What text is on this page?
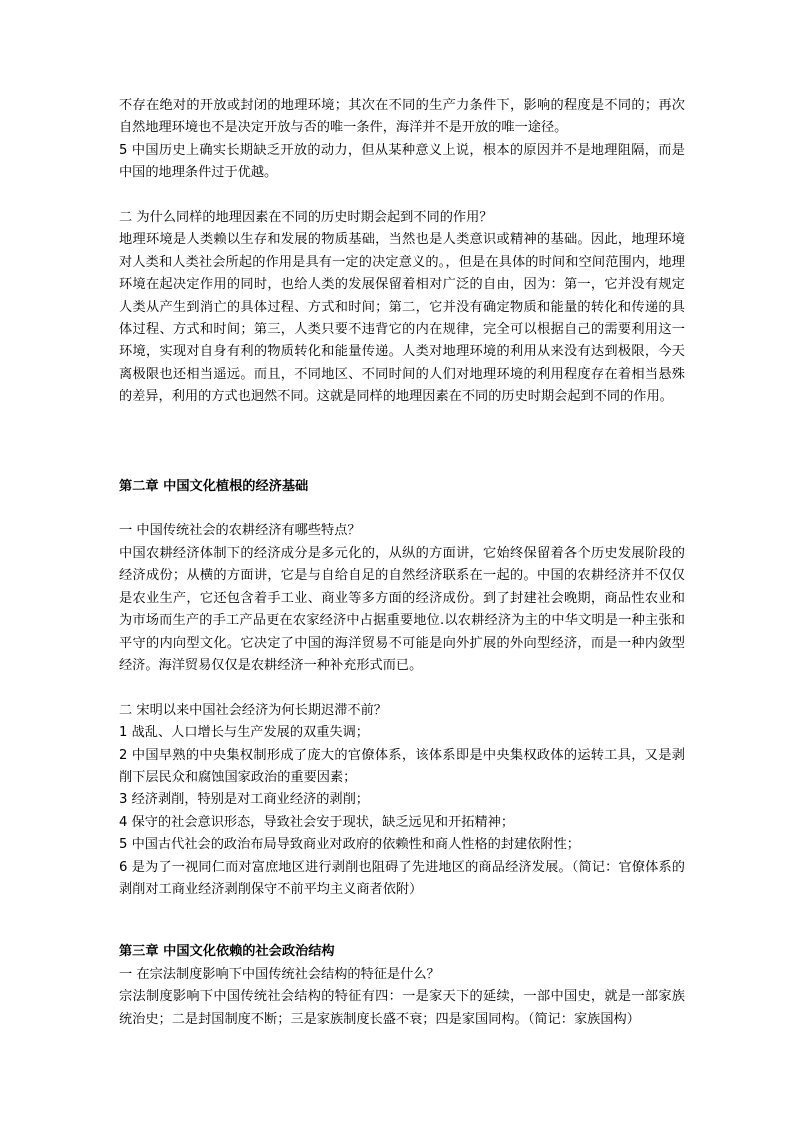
不存在绝对的开放或封闭的地理环境；其次在不同的生产力条件下，影响的程度是不同的；再次自然地理环境也不是决定开放与否的唯一条件，海洋并不是开放的唯一途径。

5 中国历史上确实长期缺乏开放的动力，但从某种意义上说，根本的原因并不是地理阻隔，而是中国的地理条件过于优越。

二 为什么同样的地理因素在不同的历史时期会起到不同的作用？

地理环境是人类赖以生存和发展的物质基础，当然也是人类意识或精神的基础。因此，地理环境对人类和人类社会所起的作用是具有一定的决定意义的。，但是在具体的时间和空间范围内，地理环境在起决定作用的同时，也给人类的发展保留着相对广泛的自由，因为：第一，它并没有规定人类从产生到消亡的具体过程、方式和时间；第二，它并没有确定物质和能量的转化和传递的具体过程、方式和时间；第三，人类只要不违背它的内在规律，完全可以根据自己的需要利用这一环境，实现对自身有利的物质转化和能量传递。人类对地理环境的利用从来没有达到极限，今天离极限也还相当遥远。而且，不同地区、不同时间的人们对地理环境的利用程度存在着相当悬殊的差异，利用的方式也迥然不同。这就是同样的地理因素在不同的历史时期会起到不同的作用。

第二章 中国文化植根的经济基础

一 中国传统社会的农耕经济有哪些特点？

中国农耕经济体制下的经济成分是多元化的，从纵的方面讲，它始终保留着各个历史发展阶段的经济成份；从横的方面讲，它是与自给自足的自然经济联系在一起的。中国的农耕经济并不仅仅是农业生产，它还包含着手工业、商业等多方面的经济成份。到了封建社会晚期，商品性农业和为市场而生产的手工产品更在农家经济中占据重要地位.以农耕经济为主的中华文明是一种主张和平守的内向型文化。它决定了中国的海洋贸易不可能是向外扩展的外向型经济，而是一种内敛型经济。海洋贸易仅仅是农耕经济一种补充形式而已。

二 宋明以来中国社会经济为何长期迟滞不前？

1 战乱、人口增长与生产发展的双重失调；

2 中国早熟的中央集权制形成了庞大的官僚体系，该体系即是中央集权政体的运转工具，又是剥削下层民众和腐蚀国家政治的重要因素；

3 经济剥削，特别是对工商业经济的剥削；

4 保守的社会意识形态，导致社会安于现状，缺乏远见和开拓精神；

5 中国古代社会的政治布局导致商业对政府的依赖性和商人性格的封建依附性；

6 是为了一视同仁而对富庶地区进行剥削也阻碍了先进地区的商品经济发展。（简记：官僚体系的剥削对工商业经济剥削保守不前平均主义商者依附）

第三章 中国文化依赖的社会政治结构

一 在宗法制度影响下中国传统社会结构的特征是什么？

宗法制度影响下中国传统社会结构的特征有四：一是家天下的延续，一部中国史，就是一部家族统治史；二是封国制度不断；三是家族制度长盛不衰；四是家国同构。（简记：家族国构）
